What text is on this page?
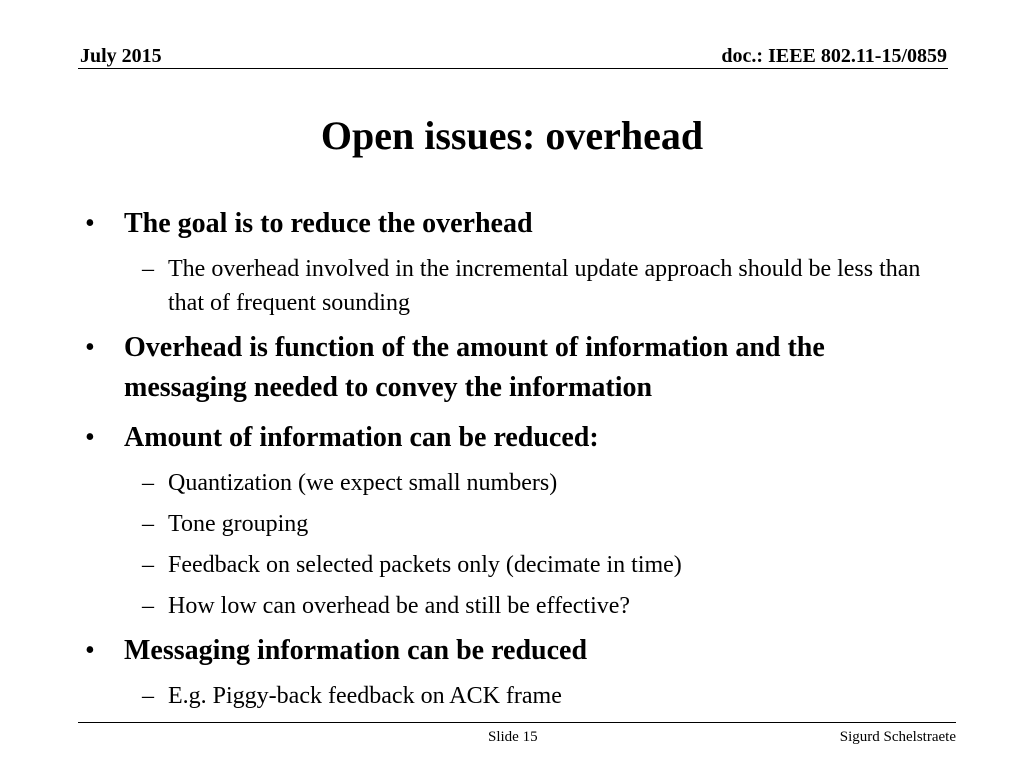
July 2015	doc.: IEEE 802.11-15/0859
Open issues: overhead
• The goal is to reduce the overhead
– The overhead involved in the incremental update approach should be less than that of frequent sounding
• Overhead is function of the amount of information and the messaging needed to convey the information
• Amount of information can be reduced:
– Quantization (we expect small numbers)
– Tone grouping
– Feedback on selected packets only (decimate in time)
– How low can overhead be and still be effective?
• Messaging information can be reduced
– E.g. Piggy-back feedback on ACK frame
Slide 15	Sigurd Schelstraete
